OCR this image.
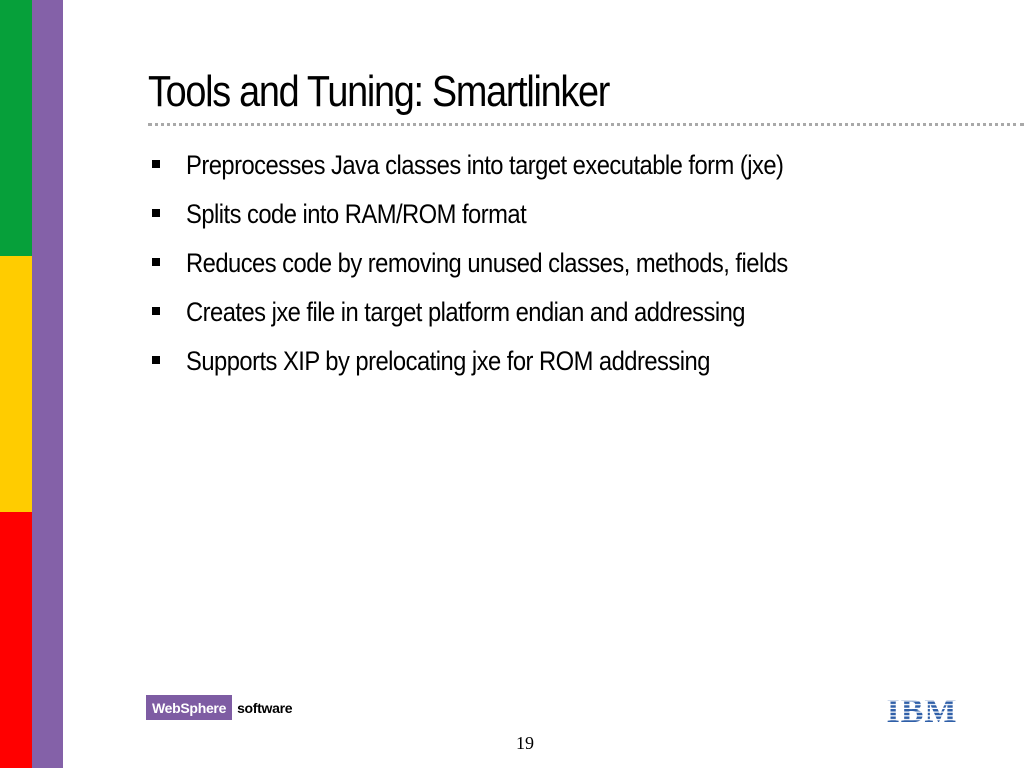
Tools and Tuning: Smartlinker
Preprocesses Java classes into target executable form (jxe)
Splits code into RAM/ROM format
Reduces code by removing unused classes, methods, fields
Creates jxe file in target platform endian and addressing
Supports XIP by prelocating jxe for ROM addressing
WebSphere software
19
